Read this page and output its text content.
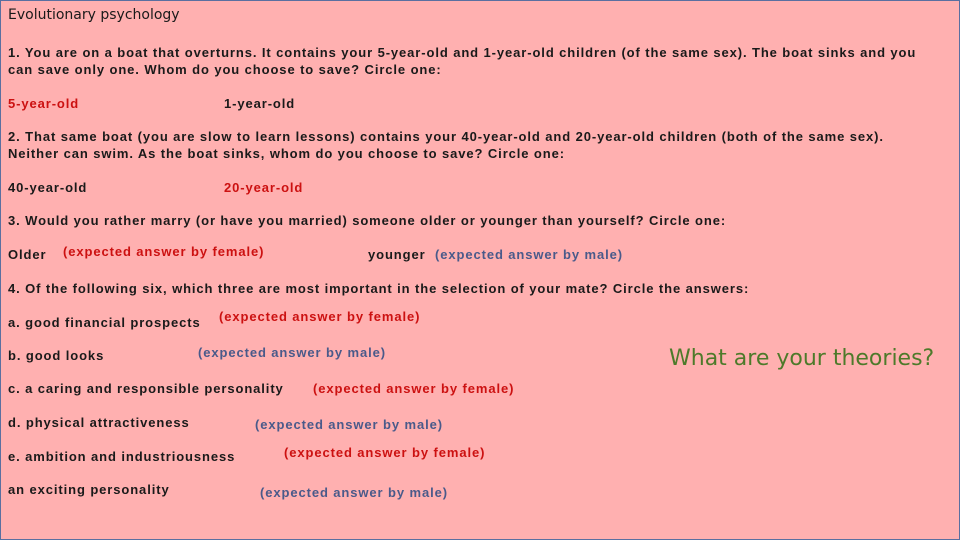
Evolutionary psychology
1. You are on a boat that overturns. It contains your 5-year-old and 1-year-old children (of the same sex). The boat sinks and you can save only one. Whom do you choose to save? Circle one:
5-year-old	1-year-old
2. That same boat (you are slow to learn lessons) contains your 40-year-old and 20-year-old children (both of the same sex). Neither can swim. As the boat sinks, whom do you choose to save? Circle one:
40-year-old	20-year-old
3. Would you rather marry (or have you married) someone older or younger than yourself? Circle one:
Older (expected answer by female)	younger (expected answer by male)
4. Of the following six, which three are most important in the selection of your mate? Circle the answers:
a. good financial prospects (expected answer by female)
b. good looks	(expected answer by male)
c. a caring and responsible personality (expected answer by female)
d. physical attractiveness	(expected answer by male)
e. ambition and industriousness	(expected answer by female)
an exciting personality	(expected answer by male)
What are your theories?
